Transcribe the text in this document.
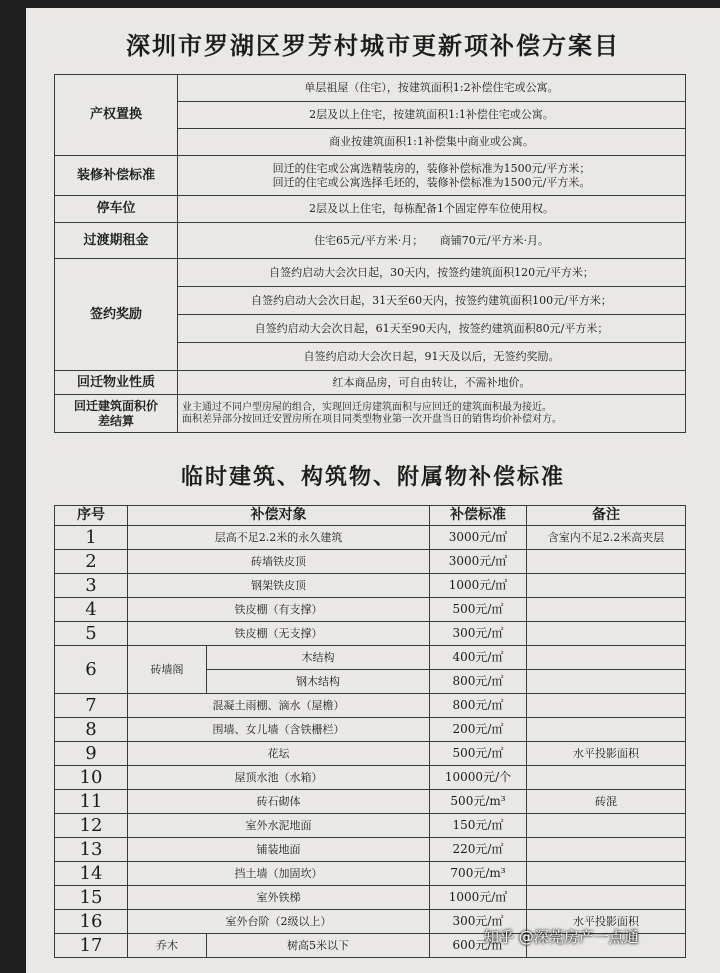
深圳市罗湖区罗芳村城市更新项补偿方案目
产权置换	单层祖屋（住宅），按建筑面积1:2补偿住宅或公寓。
	2层及以上住宅，按建筑面积1:1补偿住宅或公寓。
	商业按建筑面积1:1补偿集中商业或公寓。
装修补偿标准	回迁的住宅或公寓选精装房的，装修补偿标准为1500元/平方米；
回迁的住宅或公寓选择毛坯的，装修补偿标准为1500元/平方米。
停车位	2层及以上住宅，每栋配备1个固定停车位使用权。
过渡期租金	住宅65元/平方米·月；　　商铺70元/平方米·月。
签约奖励	自签约启动大会次日起，30天内，按签约建筑面积120元/平方米；
	自签约启动大会次日起，31天至60天内，按签约建筑面积100元/平方米；
	自签约启动大会次日起，61天至90天内，按签约建筑面积80元/平方米；
	自签约启动大会次日起，91天及以后，无签约奖励。
回迁物业性质	红本商品房，可自由转让，不需补地价。
回迁建筑面积价
差结算	业主通过不同户型房屋的组合，实现回迁房建筑面积与应回迁的建筑面积最为接近。
面积差异部分按回迁安置房所在项目同类型物业第一次开盘当日的销售均价补偿对方。
临时建筑、构筑物、附属物补偿标准
序号	补偿对象		补偿标准	备注
1	层高不足2.2米的永久建筑		3000元/㎡	含室内不足2.2米高夹层
2	砖墙铁皮顶		3000元/㎡	
3	钢架铁皮顶		1000元/㎡	
4	铁皮棚（有支撑）		500元/㎡	
5	铁皮棚（无支撑）		300元/㎡	
6	砖墙阁	木结构	400元/㎡	
		钢木结构	800元/㎡	
7	混凝土雨棚、滴水（屋檐）		800元/㎡	
8	围墙、女儿墙（含铁栅栏）		200元/㎡	
9	花坛		500元/㎡	水平投影面积
10	屋顶水池（水箱）		10000元/个	
11	砖石砌体		500元/m³	砖混
12	室外水泥地面		150元/㎡	
13	铺装地面		220元/㎡	
14	挡土墙（加固坎）		700元/m³	
15	室外铁梯		1000元/㎡	
16	室外台阶（2级以上）		300元/㎡	水平投影面积
17	乔木	树高5米以下	600元/㎡	
知乎 @深莞房产一点通
